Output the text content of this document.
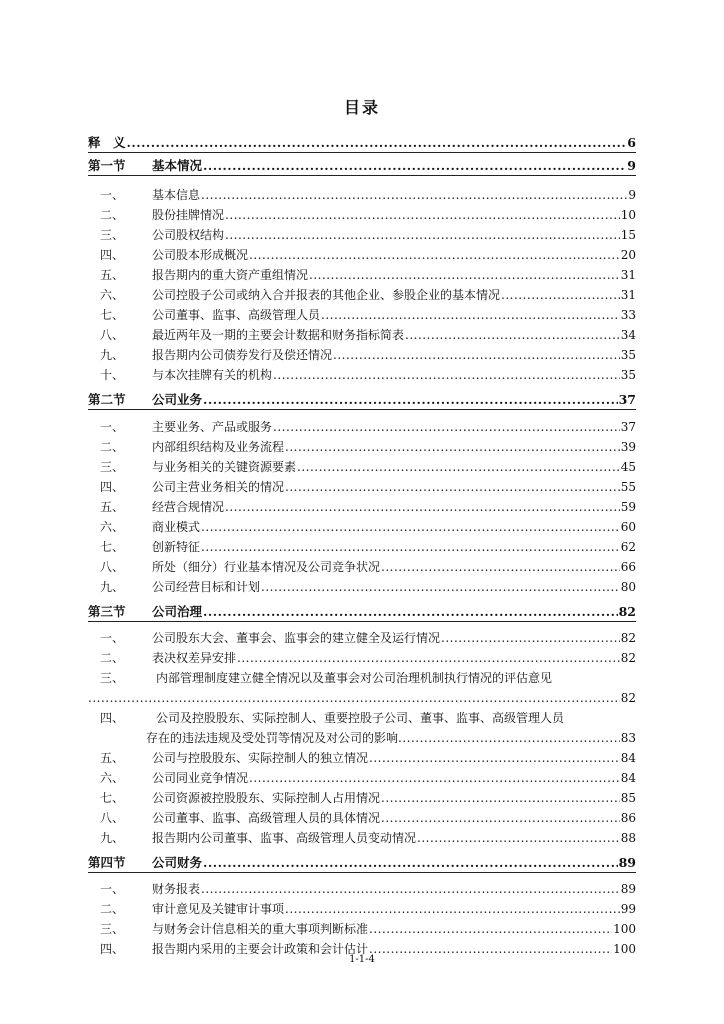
目录
释　义 .....	6
第一节	基本情况 .....	9
一、	基本信息 .....	9
二、	股份挂牌情况 .....	10
三、	公司股权结构 .....	15
四、	公司股本形成概况 .....	20
五、	报告期内的重大资产重组情况 .....	31
六、	公司控股子公司或纳入合并报表的其他企业、参股企业的基本情况 .....	31
七、	公司董事、监事、高级管理人员 .....	33
八、	最近两年及一期的主要会计数据和财务指标简表 .....	34
九、	报告期内公司债券发行及偿还情况 .....	35
十、	与本次挂牌有关的机构 .....	35
第二节	公司业务 .....	37
一、	主要业务、产品或服务 .....	37
二、	内部组织结构及业务流程 .....	39
三、	与业务相关的关键资源要素 .....	45
四、	公司主营业务相关的情况 .....	55
五、	经营合规情况 .....	59
六、	商业模式 .....	60
七、	创新特征 .....	62
八、	所处（细分）行业基本情况及公司竞争状况 .....	66
九、	公司经营目标和计划 .....	80
第三节	公司治理 .....	82
一、	公司股东大会、董事会、监事会的建立健全及运行情况 .....	82
二、	表决权差异安排 .....	82
三、	内部管理制度建立健全情况以及董事会对公司治理机制执行情况的评估意见
.....
82
四、	公司及控股股东、实际控制人、重要控股子公司、董事、监事、高级管理人员
存在的违法违规及受处罚等情况及对公司的影响 .....	83
五、	公司与控股股东、实际控制人的独立情况 .....	84
六、	公司同业竞争情况 .....	84
七、	公司资源被控股股东、实际控制人占用情况 .....	85
八、	公司董事、监事、高级管理人员的具体情况 .....	86
九、	报告期内公司董事、监事、高级管理人员变动情况 .....	88
第四节	公司财务 .....	89
一、	财务报表 .....	89
二、	审计意见及关键审计事项 .....	99
三、	与财务会计信息相关的重大事项判断标准 .....	100
四、	报告期内采用的主要会计政策和会计估计 .....	100
1-1-4
